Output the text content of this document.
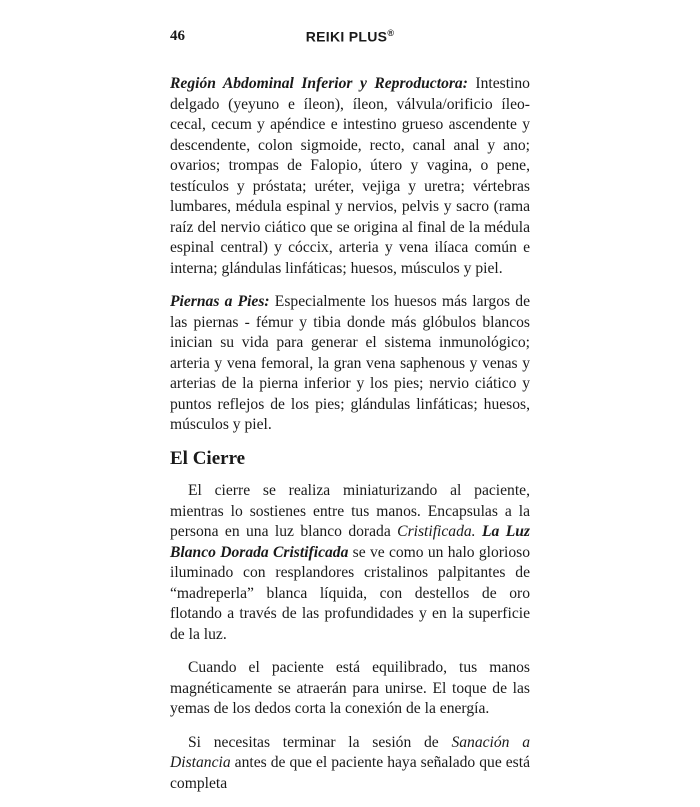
46	REIKI PLUS®

Región Abdominal Inferior y Reproductora: Intestino delgado (yeyuno e íleon), íleon, válvula/orificio íleo-cecal, cecum y apéndice e intestino grueso ascendente y descendente, colon sigmoide, recto, canal anal y ano; ovarios; trompas de Falopio, útero y vagina, o pene, testículos y próstata; uréter, vejiga y uretra; vértebras lumbares, médula espinal y nervios, pelvis y sacro (rama raíz del nervio ciático que se origina al final de la médula espinal central) y cóccix, arteria y vena ilíaca común e interna; glándulas linfáticas; huesos, músculos y piel.

Piernas a Pies: Especialmente los huesos más largos de las piernas - fémur y tibia donde más glóbulos blancos inician su vida para generar el sistema inmunológico; arteria y vena femoral, la gran vena saphenous y venas y arterias de la pierna inferior y los pies; nervio ciático y puntos reflejos de los pies; glándulas linfáticas; huesos, músculos y piel.

El Cierre

El cierre se realiza miniaturizando al paciente, mientras lo sostienes entre tus manos. Encapsulas a la persona en una luz blanco dorada Cristificada. La Luz Blanco Dorada Cristificada se ve como un halo glorioso iluminado con resplandores cristalinos palpitantes de “madreperla” blanca líquida, con destellos de oro flotando a través de las profundidades y en la superficie de la luz.

Cuando el paciente está equilibrado, tus manos magnéticamente se atraerán para unirse. El toque de las yemas de los dedos corta la conexión de la energía.

Si necesitas terminar la sesión de Sanación a Distancia antes de que el paciente haya señalado que está completa
